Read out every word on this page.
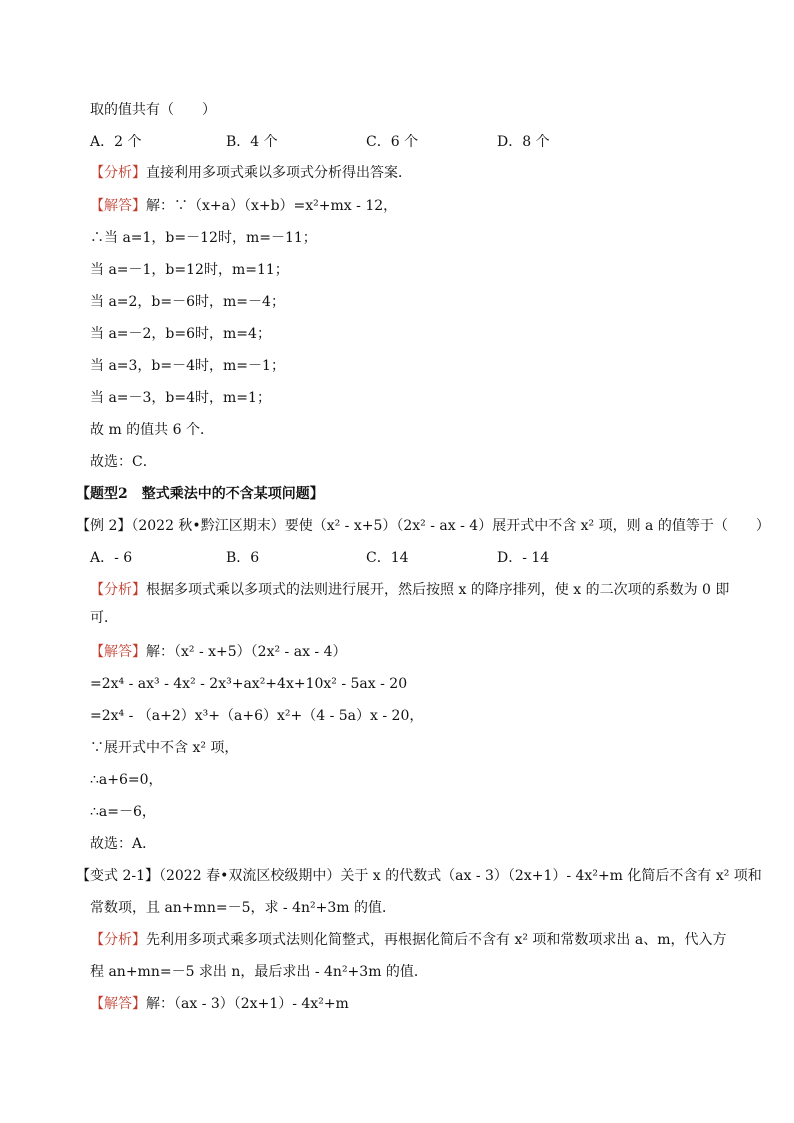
取的值共有（　　）
A．2 个	B．4 个	C．6 个	D．8 个
【分析】直接利用多项式乘以多项式分析得出答案．
【解答】解：∵（x+a）（x+b）=x²+mx - 12，
∴当 a=1，b=－12时，m=－11；
当 a=－1，b=12时，m=11；
当 a=2，b=－6时，m=－4；
当 a=－2，b=6时，m=4；
当 a=3，b=－4时，m=－1；
当 a=－3，b=4时，m=1；
故 m 的值共 6 个．
故选：C．
【题型2　整式乘法中的不含某项问题】
【例 2】（2022 秋•黔江区期末）要使（x² - x+5）（2x² - ax - 4）展开式中不含 x² 项，则 a 的值等于（　　）
A．- 6	B．6	C．14	D．- 14
【分析】根据多项式乘以多项式的法则进行展开，然后按照 x 的降序排列，使 x 的二次项的系数为 0 即
可．
【解答】解：（x² - x+5）（2x² - ax - 4）
=2x⁴ - ax³ - 4x² - 2x³+ax²+4x+10x² - 5ax - 20
=2x⁴ - （a+2）x³+（a+6）x²+（4 - 5a）x - 20，
∵展开式中不含 x² 项，
∴a+6=0，
∴a=－6，
故选：A．
【变式 2-1】（2022 春•双流区校级期中）关于 x 的代数式（ax - 3）（2x+1）- 4x²+m 化简后不含有 x² 项和
常数项，且 an+mn=－5，求 - 4n²+3m 的值．
【分析】先利用多项式乘多项式法则化简整式，再根据化简后不含有 x² 项和常数项求出 a、m，代入方
程 an+mn=－5 求出 n，最后求出 - 4n²+3m 的值．
【解答】解：（ax - 3）（2x+1）- 4x²+m
